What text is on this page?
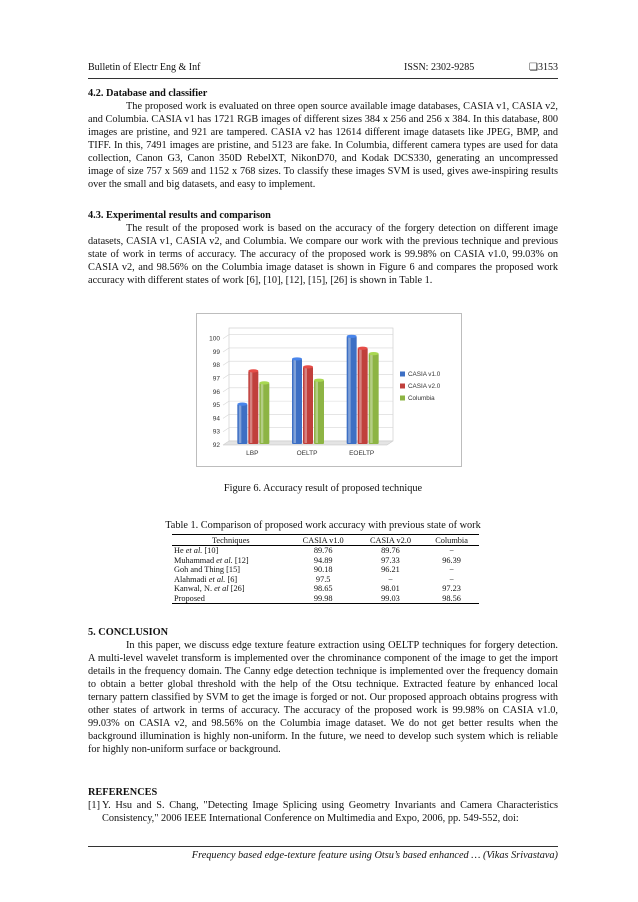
Bulletin of Electr Eng & Inf	ISSN: 2302-9285	❏3153
4.2. Database and classifier

The proposed work is evaluated on three open source available image databases, CASIA v1, CASIA v2, and Columbia. CASIA v1 has 1721 RGB images of different sizes 384 x 256 and 256 x 384. In this database, 800 images are pristine, and 921 are tampered. CASIA v2 has 12614 different image datasets like JPEG, BMP, and TIFF. In this, 7491 images are pristine, and 5123 are fake. In Columbia, different camera types are used for data collection, Canon G3, Canon 350D RebelXT, NikonD70, and Kodak DCS330, generating an uncompressed image of size 757 x 569 and 1152 x 768 sizes. To classify these images SVM is used, gives awe-inspiring results over the small and big datasets, and easy to implement.

4.3. Experimental results and comparison

The result of the proposed work is based on the accuracy of the forgery detection on different image datasets, CASIA v1, CASIA v2, and Columbia. We compare our work with the previous technique and previous state of work in terms of accuracy. The accuracy of the proposed work is 99.98% on CASIA v1.0, 99.03% on CASIA v2, and 98.56% on the Columbia image dataset is shown in Figure 6 and compares the proposed work accuracy with different states of work [6], [10], [12], [15], [26] is shown in Table 1.

92
93
94
95
96
97
98
99
100
LBP	OELTP	EOELTP
CASIA v1.0
CASIA v2.0
Columbia
Figure 6. Accuracy result of proposed technique
Table 1. Comparison of proposed work accuracy with previous state of work
Techniques	CASIA v1.0	CASIA v2.0	Columbia
He et al. [10]	89.76	89.76	−
Muhammad et al. [12]	94.89	97.33	96.39
Goh and Thing [15]	90.18	96.21	−
Alahmadi et al. [6]	97.5	−	−
Kanwal, N. et al [26]	98.65	98.01	97.23
Proposed	99.98	99.03	98.56
5. CONCLUSION

In this paper, we discuss edge texture feature extraction using OELTP techniques for forgery detection. A multi-level wavelet transform is implemented over the chrominance component of the image to get the import details in the frequency domain. The Canny edge detection technique is implemented over the frequency domain to obtain a better global threshold with the help of the Otsu technique. Extracted feature by enhanced local ternary pattern classified by SVM to get the image is forged or not. Our proposed approach obtains progress with other states of artwork in terms of accuracy. The accuracy of the proposed work is 99.98% on CASIA v1.0, 99.03% on CASIA v2, and 98.56% on the Columbia image dataset. We do not get better results when the background illumination is highly non-uniform. In the future, we need to develop such system which is reliable for highly non-uniform surface or background.

REFERENCES

[1] Y. Hsu and S. Chang, "Detecting Image Splicing using Geometry Invariants and Camera Characteristics Consistency," 2006 IEEE International Conference on Multimedia and Expo, 2006, pp. 549-552, doi:

Frequency based edge-texture feature using Otsu’s based enhanced … (Vikas Srivastava)
